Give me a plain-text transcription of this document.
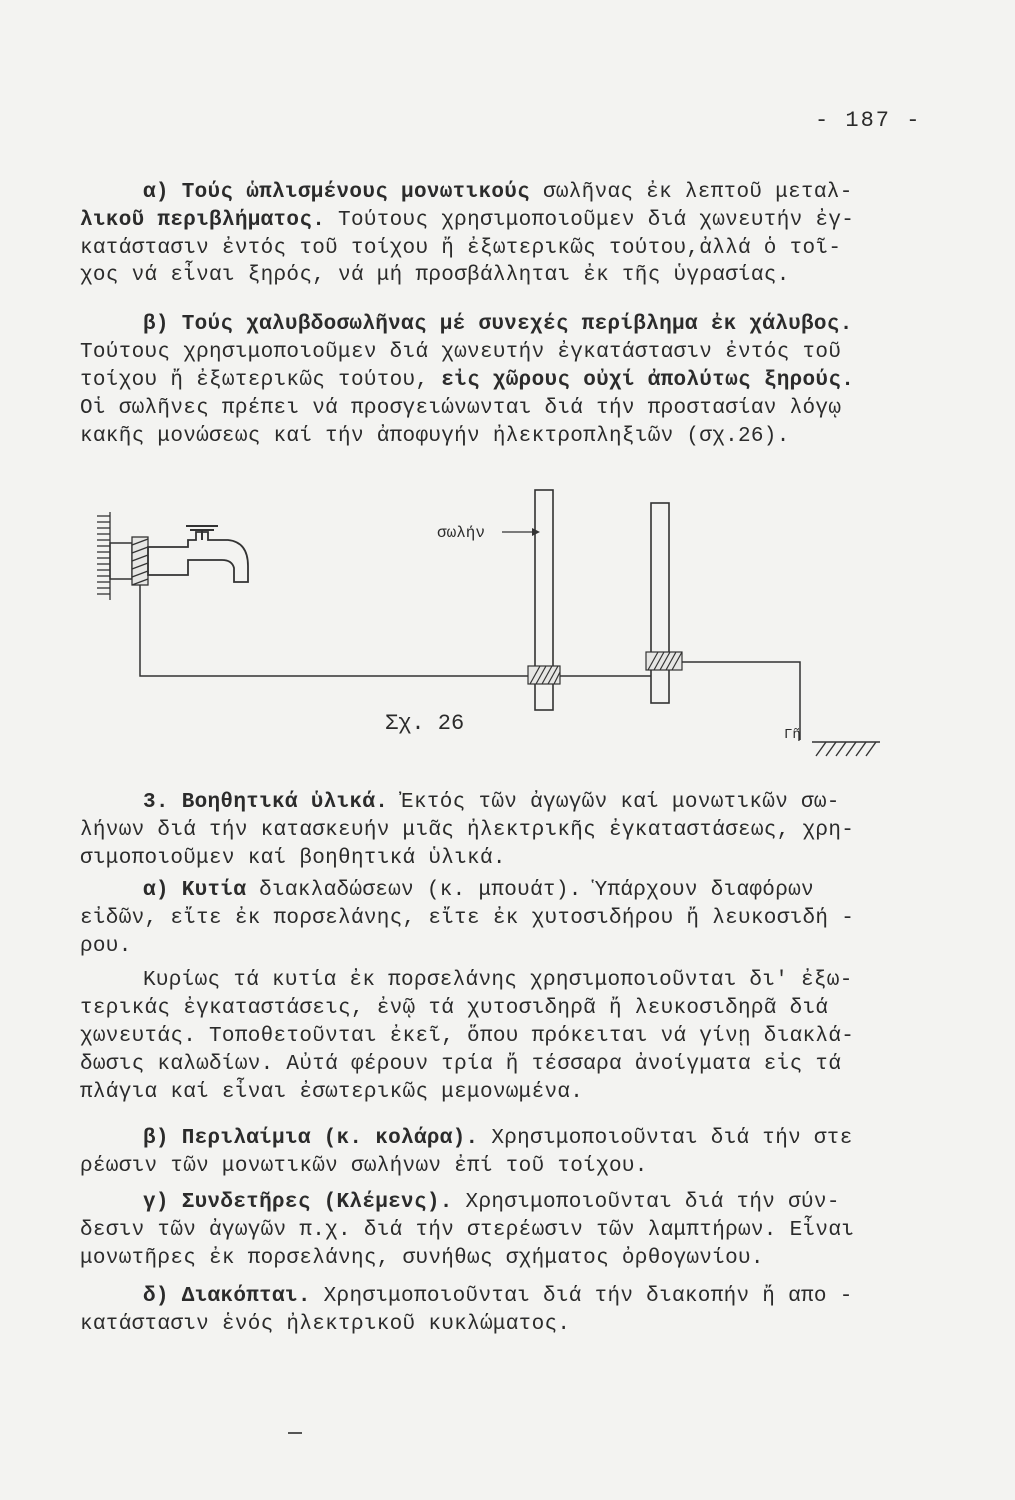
- 187 -

α) Τούς ὡπλισμένους μονωτικούς σωλῆνας ἐκ λεπτοῦ μεταλ-

λικοῦ περιβλήματος. Τούτους χρησιμοποιοῦμεν διά χωνευτήν ἐγ-

κατάστασιν ἐντός τοῦ τοίχου ἤ ἐξωτερικῶς τούτου,ἀλλά ὁ τοῖ-

χος νά εἶναι ξηρός, νά μή προσβάλληται ἐκ τῆς ὑγρασίας.

β) Τούς χαλυβδοσωλῆνας μέ συνεχές περίβλημα ἐκ χάλυβος.

Τούτους χρησιμοποιοῦμεν διά χωνευτήν ἐγκατάστασιν ἐντός τοῦ

τοίχου ἤ ἐξωτερικῶς τούτου, εἰς χῶρους οὐχί ἀπολύτως ξηρούς.

Οἱ σωλῆνες πρέπει νά προσγειώνωνται διά τήν προστασίαν λόγῳ

κακῆς μονώσεως καί τήν ἀποφυγήν ἠλεκτροπληξιῶν (σχ.26).

σωλήν
Σχ. 26	Γῆ

3. Βοηθητικά ὑλικά. Ἐκτός τῶν ἀγωγῶν καί μονωτικῶν σω-

λήνων διά τήν κατασκευήν μιᾶς ἠλεκτρικῆς ἐγκαταστάσεως, χρη-

σιμοποιοῦμεν καί βοηθητικά ὑλικά.

α) Κυτία διακλαδώσεων (κ. μπουάτ). Ὑπάρχουν διαφόρων

εἰδῶν, εἴτε ἐκ πορσελάνης, εἴτε ἐκ χυτοσιδήρου ἤ λευκοσιδή -

ρου.

Κυρίως τά κυτία ἐκ πορσελάνης χρησιμοποιοῦνται δι' ἐξω-

τερικάς ἐγκαταστάσεις, ἐνῷ τά χυτοσιδηρᾶ ἤ λευκοσιδηρᾶ διά

χωνευτάς. Τοποθετοῦνται ἐκεῖ, ὅπου πρόκειται νά γίνῃ διακλά-

δωσις καλωδίων. Αὐτά φέρουν τρία ἤ τέσσαρα ἀνοίγματα εἰς τά

πλάγια καί εἶναι ἐσωτερικῶς μεμονωμένα.

β) Περιλαίμια (κ. κολάρα). Χρησιμοποιοῦνται διά τήν στε

ρέωσιν τῶν μονωτικῶν σωλήνων ἐπί τοῦ τοίχου.

γ) Συνδετῆρες (Κλέμενς). Χρησιμοποιοῦνται διά τήν σύν-

δεσιν τῶν ἀγωγῶν π.χ. διά τήν στερέωσιν τῶν λαμπτήρων. Εἶναι

μονωτῆρες ἐκ πορσελάνης, συνήθως σχήματος ὀρθογωνίου.

δ) Διακόπται. Χρησιμοποιοῦνται διά τήν διακοπήν ἤ απο -

κατάστασιν ἑνός ἠλεκτρικοῦ κυκλώματος.
